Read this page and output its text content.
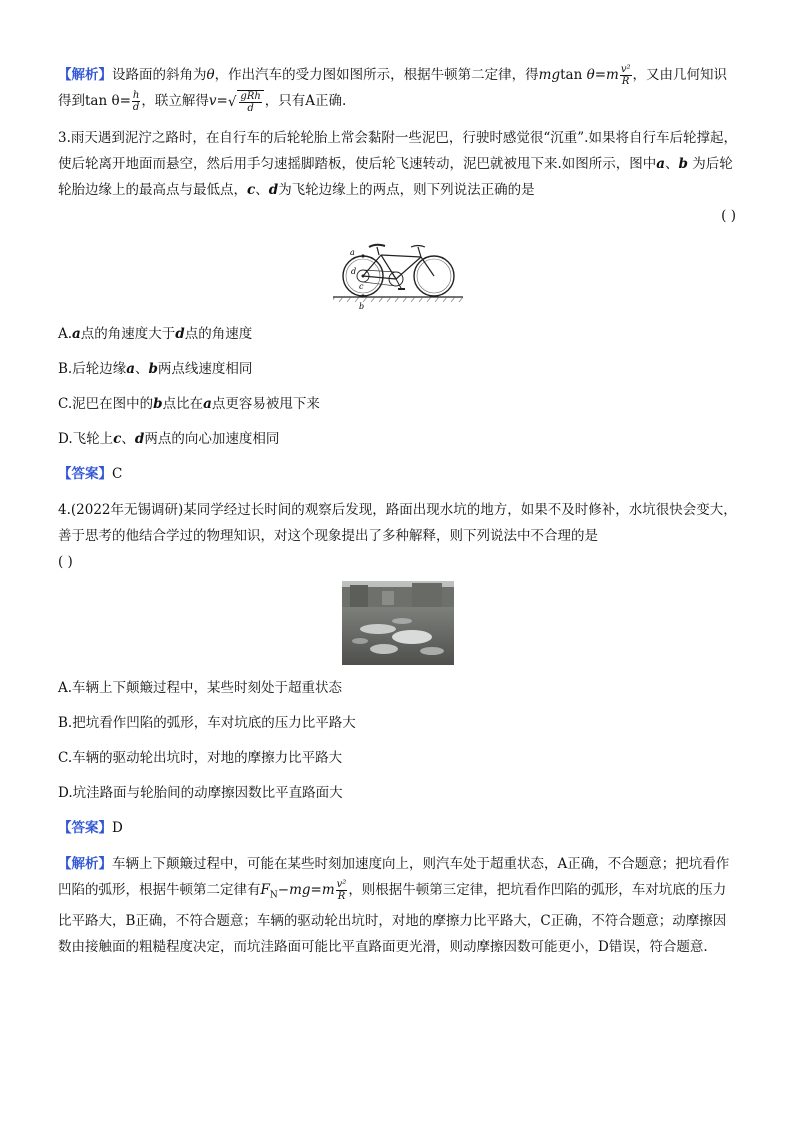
【解析】设路面的斜角为θ，作出汽车的受力图如图所示，根据牛顿第二定律，得mgtan $\theta=m \frac{\text{v²}}{R}$ ，又由几何知识得到$\tan \theta= \frac{h}{d}$ ，联立解得$v=√ \frac{\text{gRh}}{d}$ ，只有A正确.

3.雨天遇到泥泞之路时，在自行车的后轮轮胎上常会黏附一些泥巴，行驶时感觉很“沉重”.如果将自行车后轮撑起，使后轮离开地面而悬空，然后用手匀速摇脚踏板，使后轮飞速转动，泥巴就被甩下来.如图所示，图中a、b 为后轮轮胎边缘上的最高点与最低点，c、d为飞轮边缘上的两点，则下列说法正确的是

( )

a
d
c
b

A.a点的角速度大于d点的角速度

B.后轮边缘a、b两点线速度相同

C.泥巴在图中的b点比在a点更容易被甩下来

D.飞轮上c、d两点的向心加速度相同

【答案】C

4.(2022年无锡调研)某同学经过长时间的观察后发现，路面出现水坑的地方，如果不及时修补，水坑很快会变大，善于思考的他结合学过的物理知识，对这个现象提出了多种解释，则下列说法中不合理的是

( )

A.车辆上下颠簸过程中，某些时刻处于超重状态

B.把坑看作凹陷的弧形，车对坑底的压力比平路大

C.车辆的驱动轮出坑时，对地的摩擦力比平路大

D.坑洼路面与轮胎间的动摩擦因数比平直路面大

【答案】D

【解析】车辆上下颠簸过程中，可能在某些时刻加速度向上，则汽车处于超重状态，A正确，不合题意；把坑看作凹陷的弧形，根据牛顿第二定律有$F_N-mg=m \frac{\text{v²}}{R}$ ，则根据牛顿第三定律，把坑看作凹陷的弧形，车对坑底的压力比平路大，B正确，不符合题意；车辆的驱动轮出坑时，对地的摩擦力比平路大，C正确，不符合题意；动摩擦因数由接触面的粗糙程度决定，而坑洼路面可能比平直路面更光滑，则动摩擦因数可能更小，D错误，符合题意.
